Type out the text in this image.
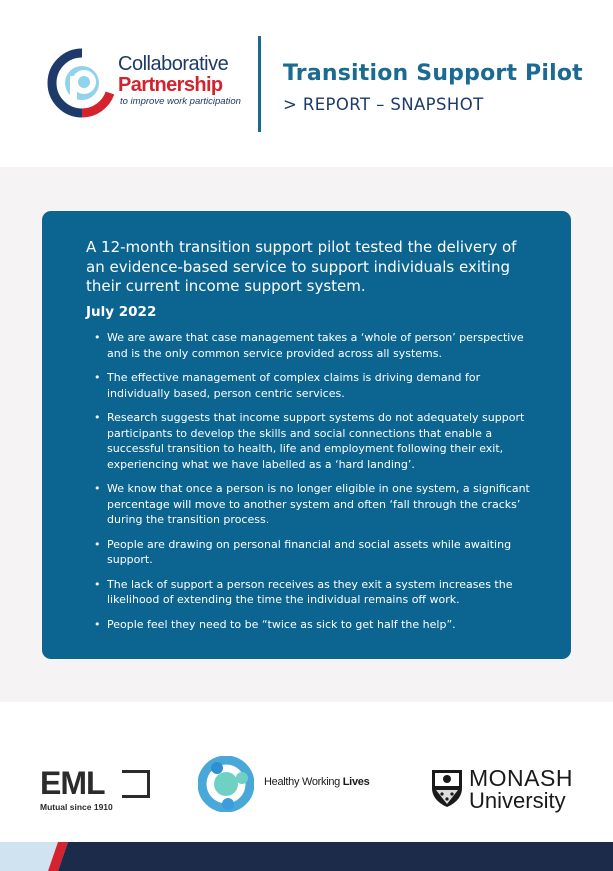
Collaborative
Partnership
to improve work participation
Transition Support Pilot
> REPORT – SNAPSHOT
A 12-month transition support pilot tested the delivery of an evidence-based service to support individuals exiting their current income support system.
July 2022
• We are aware that case management takes a ‘whole of person’ perspective and is the only common service provided across all systems.
• The effective management of complex claims is driving demand for individually based, person centric services.
• Research suggests that income support systems do not adequately support participants to develop the skills and social connections that enable a successful transition to health, life and employment following their exit, experiencing what we have labelled as a ‘hard landing’.
• We know that once a person is no longer eligible in one system, a significant percentage will move to another system and often ‘fall through the cracks’ during the transition process.
• People are drawing on personal financial and social assets while awaiting support.
• The lack of support a person receives as they exit a system increases the likelihood of extending the time the individual remains off work.
• People feel they need to be “twice as sick to get half the help”.
EML
Mutual since 1910
Healthy Working Lives	MONASH
University
